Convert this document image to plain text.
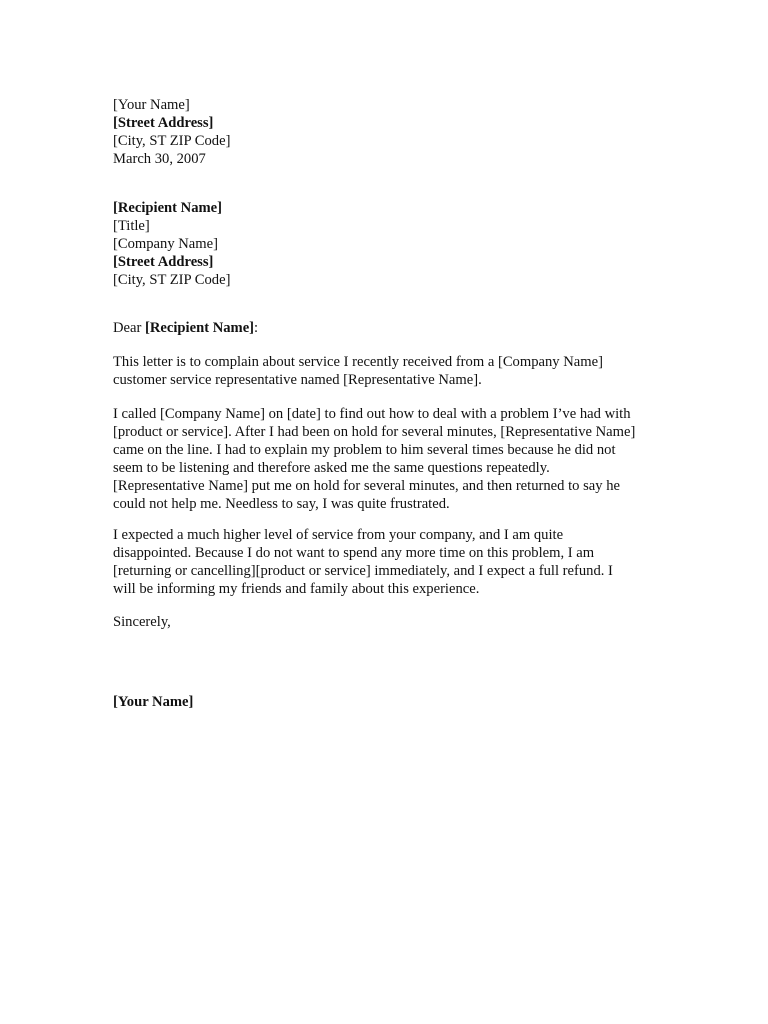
[Your Name]
[Street Address]
[City, ST ZIP Code]
March 30, 2007
[Recipient Name]
[Title]
[Company Name]
[Street Address]
[City, ST ZIP Code]
Dear [Recipient Name]:
This letter is to complain about service I recently received from a [Company Name]
customer service representative named [Representative Name].
I called [Company Name] on [date] to find out how to deal with a problem I’ve had with
[product or service]. After I had been on hold for several minutes, [Representative Name]
came on the line. I had to explain my problem to him several times because he did not
seem to be listening and therefore asked me the same questions repeatedly.
[Representative Name] put me on hold for several minutes, and then returned to say he
could not help me. Needless to say, I was quite frustrated.
I expected a much higher level of service from your company, and I am quite
disappointed. Because I do not want to spend any more time on this problem, I am
[returning or cancelling][product or service] immediately, and I expect a full refund. I
will be informing my friends and family about this experience.
Sincerely,
[Your Name]
